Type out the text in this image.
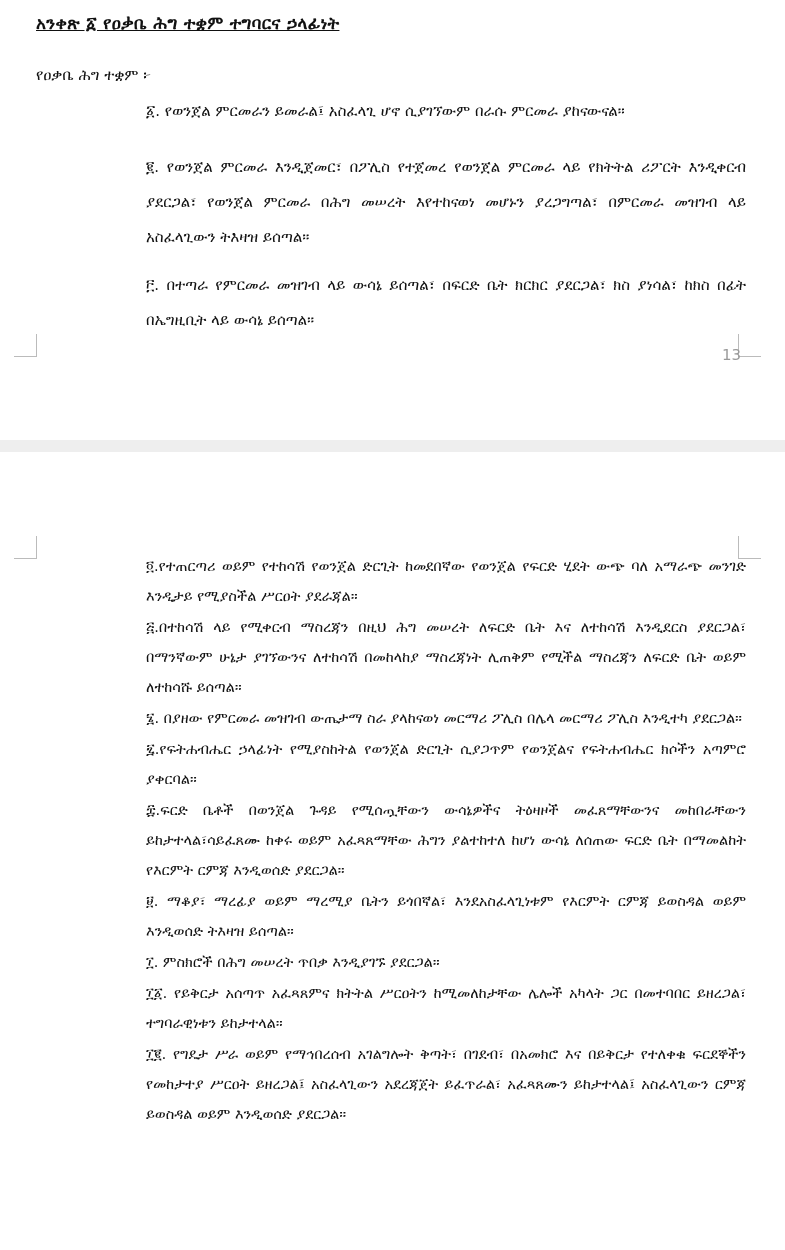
አንቀጽ ፩ የዐቃቤ ሕግ ተቋም ተግባርና ኃላፊነት
የዐቃቤ ሕግ ተቋም ፦
፩. የወንጀል ምርመራን ይመራል፤ አስፈላጊ ሆኖ ሲያገኘውም በራሱ ምርመራ ያከናውናል።
፪. የወንጀል ምርመራ እንዲጀመር፣ በፖሊስ የተጀመረ የወንጀል ምርመራ ላይ የክትትል ሪፖርት እንዲቀርብ ያደርጋል፣ የወንጀል ምርመራ በሕግ መሠረት እየተከናወነ መሆኑን ያረጋግጣል፣ በምርመራ መዝገብ ላይ አስፈላጊውን ትእዛዝ ይሰጣል።
፫. በተጣራ የምርመራ መዝገብ ላይ ውሳኔ ይሰጣል፣ በፍርድ ቤት ክርክር ያደርጋል፣ ክስ ያነሳል፣ ከክስ በፊት በኤግዚቢት ላይ ውሳኔ ይሰጣል።
13
፬.የተጠርጣሪ ወይም የተከሳሽ የወንጀል ድርጊት ከመደበኛው የወንጀል የፍርድ ሂደት ውጭ ባለ አማራጭ መንገድ እንዲታይ የሚያስችል ሥርዐት ያደራጃል።
፭.በተከሳሽ ላይ የሚቀርብ ማስረጃን በዚህ ሕግ መሠረት ለፍርድ ቤት እና ለተከሳሽ እንዲደርስ ያደርጋል፣ በማንኛውም ሁኔታ ያገኘውንና ለተከሳሽ በመከላከያ ማስረጃነት ሊጠቅም የሚችል ማስረጃን ለፍርድ ቤት ወይም ለተከሳሹ ይሰጣል።
፮. በያዘው የምርመራ መዝገብ ውጤታማ ስራ ያላከናወነ መርማሪ ፖሊስ በሌላ መርማሪ ፖሊስ እንዲተካ ያደርጋል።
፯.የፍትሐብሔር ኃላፊነት የሚያስከትል የወንጀል ድርጊት ሲያጋጥም የወንጀልና የፍትሐብሔር ክሶችን አጣምሮ ያቀርባል።
፰.ፍርድ ቤቶች በወንጀል ጉዳይ የሚሰጧቸውን ውሳኔዎችና ትዕዛዞች መፈጸማቸውንና መከበራቸውን ይከታተላል፣ሳይፈጸሙ ከቀሩ ወይም አፈጻጸማቸው ሕግን ያልተከተለ ከሆነ ውሳኔ ለሰጠው ፍርድ ቤት በማመልከት የእርምት ርምጃ እንዲወሰድ ያደርጋል።
፱. ማቆያ፣ ማረፊያ ወይም ማረሚያ ቤትን ይጎበኛል፣ እንደአስፈላጊነቱም የእርምት ርምጃ ይወስዳል ወይም እንዲወሰድ ትእዛዝ ይሰጣል።
፲. ምስክሮች በሕግ መሠረት ጥበቃ እንዲያገኙ ያደርጋል።
፲፩. የይቅርታ አሰጣጥ አፈጻጸምና ክትትል ሥርዐትን ከሚመለከታቸው ሌሎች አካላት ጋር በመተባበር ይዘረጋል፣ ተግባራዊነቱን ይከታተላል።
፲፪. የግዴታ ሥራ ወይም የማኅበረሰብ አገልግሎት ቅጣት፣ በገደብ፣ በአመክሮ እና በይቅርታ የተለቀቁ ፍርደኞችን የመከታተያ ሥርዐት ይዘረጋል፤ አስፈላጊውን አደረጃጀት ይፈጥራል፣ አፈጻጸሙን ይከታተላል፤ አስፈላጊውን ርምጃ ይወስዳል ወይም እንዲወሰድ ያደርጋል።
